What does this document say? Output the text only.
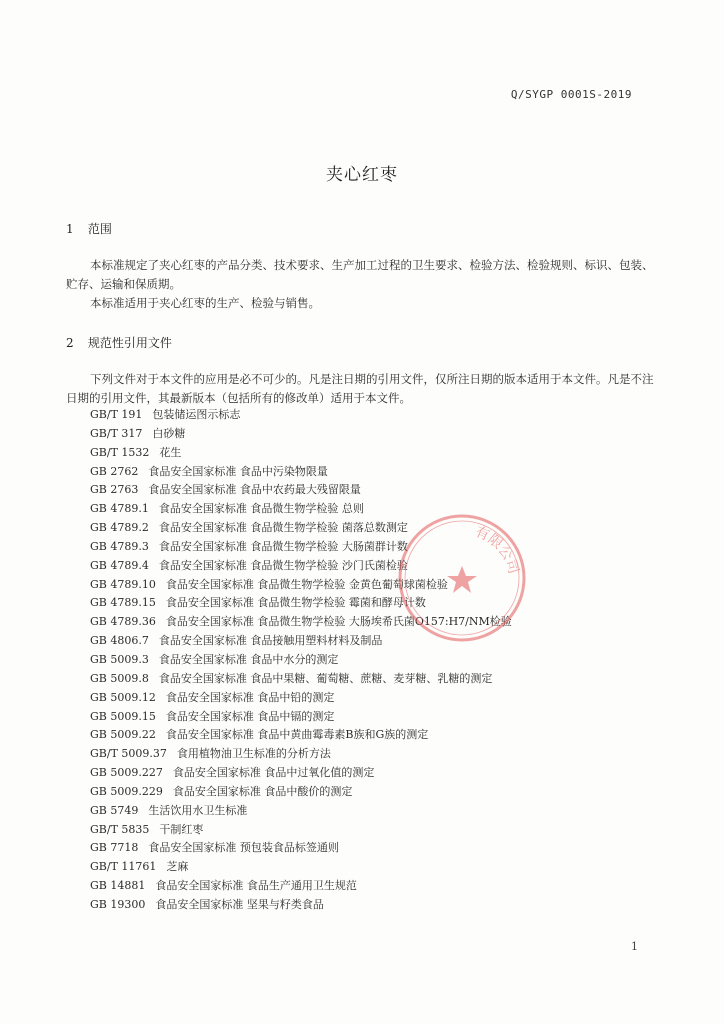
Q/SYGP 0001S-2019
夹心红枣
1 范围
本标准规定了夹心红枣的产品分类、技术要求、生产加工过程的卫生要求、检验方法、检验规则、标识、包装、贮存、运输和保质期。
本标准适用于夹心红枣的生产、检验与销售。
2 规范性引用文件
下列文件对于本文件的应用是必不可少的。凡是注日期的引用文件，仅所注日期的版本适用于本文件。凡是不注日期的引用文件，其最新版本（包括所有的修改单）适用于本文件。
GB/T 191 包装储运图示标志
GB/T 317 白砂糖
GB/T 1532 花生
GB 2762 食品安全国家标准 食品中污染物限量
GB 2763 食品安全国家标准 食品中农药最大残留限量
GB 4789.1 食品安全国家标准 食品微生物学检验 总则
GB 4789.2 食品安全国家标准 食品微生物学检验 菌落总数测定
GB 4789.3 食品安全国家标准 食品微生物学检验 大肠菌群计数
GB 4789.4 食品安全国家标准 食品微生物学检验 沙门氏菌检验
GB 4789.10 食品安全国家标准 食品微生物学检验 金黄色葡萄球菌检验
GB 4789.15 食品安全国家标准 食品微生物学检验 霉菌和酵母计数
GB 4789.36 食品安全国家标准 食品微生物学检验 大肠埃希氏菌O157:H7/NM检验
GB 4806.7 食品安全国家标准 食品接触用塑料材料及制品
GB 5009.3 食品安全国家标准 食品中水分的测定
GB 5009.8 食品安全国家标准 食品中果糖、葡萄糖、蔗糖、麦芽糖、乳糖的测定
GB 5009.12 食品安全国家标准 食品中铅的测定
GB 5009.15 食品安全国家标准 食品中镉的测定
GB 5009.22 食品安全国家标准 食品中黄曲霉毒素B族和G族的测定
GB/T 5009.37 食用植物油卫生标准的分析方法
GB 5009.227 食品安全国家标准 食品中过氧化值的测定
GB 5009.229 食品安全国家标准 食品中酸价的测定
GB 5749 生活饮用水卫生标准
GB/T 5835 干制红枣
GB 7718 食品安全国家标准 预包装食品标签通则
GB/T 11761 芝麻
GB 14881 食品安全国家标准 食品生产通用卫生规范
GB 19300 食品安全国家标准 坚果与籽类食品
有限公司
1
